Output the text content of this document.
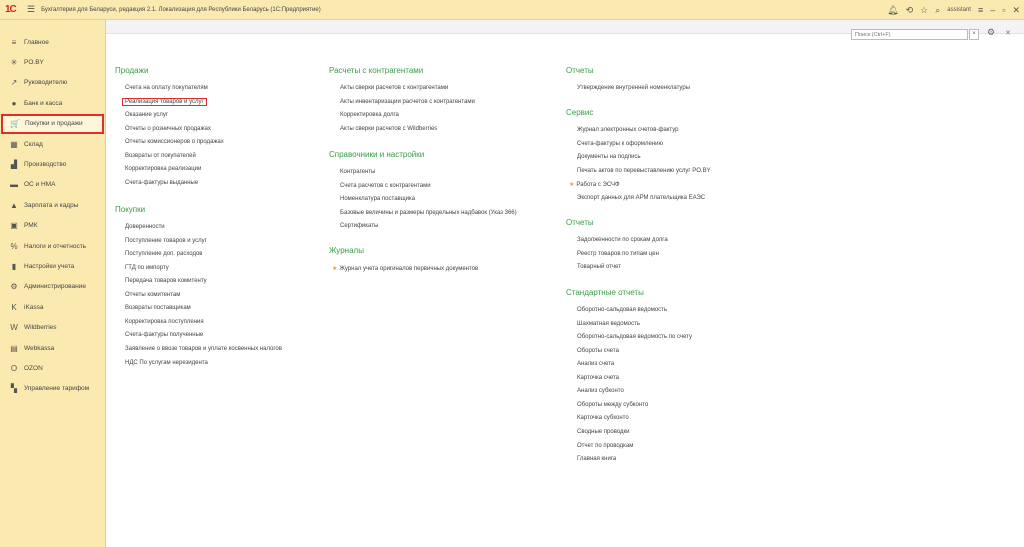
1С	☰ Бухгалтерия для Беларуси, редакция 2.1. Локализация для Республики Беларусь (1С:Предприятие)	🔔︎ ⟲ ☆ ⌕ assistant ≡ – ▫ ✕
≡	Главное
✳ PO.BY
↗ Руководителю
●	Банк и касса
🛒 Покупки и продажи
▦ Склад
▟ Производство
▬ ОС и НМА
▲ Зарплата и кадры
▣ РМК
% Налоги и отчетность
▮	Настройки учета
⚙ Администрирование
K	iKassa
W Wildberries
▤ Webkassa
O OZON
▚ Управление тарифом
Поиск (Ctrl+F)
×	⚙ ✕
Продажи
Счета на оплату покупателям
Реализация товаров и услуг
Оказание услуг
Отчеты о розничных продажах
Отчеты комиссионеров о продажах
Возвраты от покупателей
Корректировка реализации
Счета-фактуры выданные
Покупки
Доверенности
Поступление товаров и услуг
Поступление доп. расходов
ГТД по импорту
Передача товаров комитенту
Отчеты комитентам
Возвраты поставщикам
Корректировка поступления
Счета-фактуры полученные
Заявление о ввозе товаров и уплате косвенных налогов
НДС По услугам нерезидента
Расчеты с контрагентами
Акты сверки расчетов с контрагентами
Акты инвентаризации расчетов с контрагентами
Корректировка долга
Акты сверки расчетов с Wildberries
Справочники и настройки
Контрагенты
Счета расчетов с контрагентами
Номенклатура поставщика
Базовые величины и размеры предельных надбавок (Указ 366)
Сертификаты
Журналы
★ Журнал учета оригиналов первичных документов
Отчеты
Утверждение внутренней номенклатуры
Сервис
Журнал электронных счетов-фактур
Счета-фактуры к оформлению
Документы на подпись
Печать актов по перевыставлению услуг PO.BY
★ Работа с ЭСЧФ
Экспорт данных для АРМ плательщика ЕАЭС
Отчеты
Задолженности по срокам долга
Реестр товаров по типам цен
Товарный отчет
Стандартные отчеты
Оборотно-сальдовая ведомость
Шахматная ведомость
Оборотно-сальдовая ведомость по счету
Обороты счета
Анализ счета
Карточка счета
Анализ субконто
Обороты между субконто
Карточка субконто
Сводные проводки
Отчет по проводкам
Главная книга
